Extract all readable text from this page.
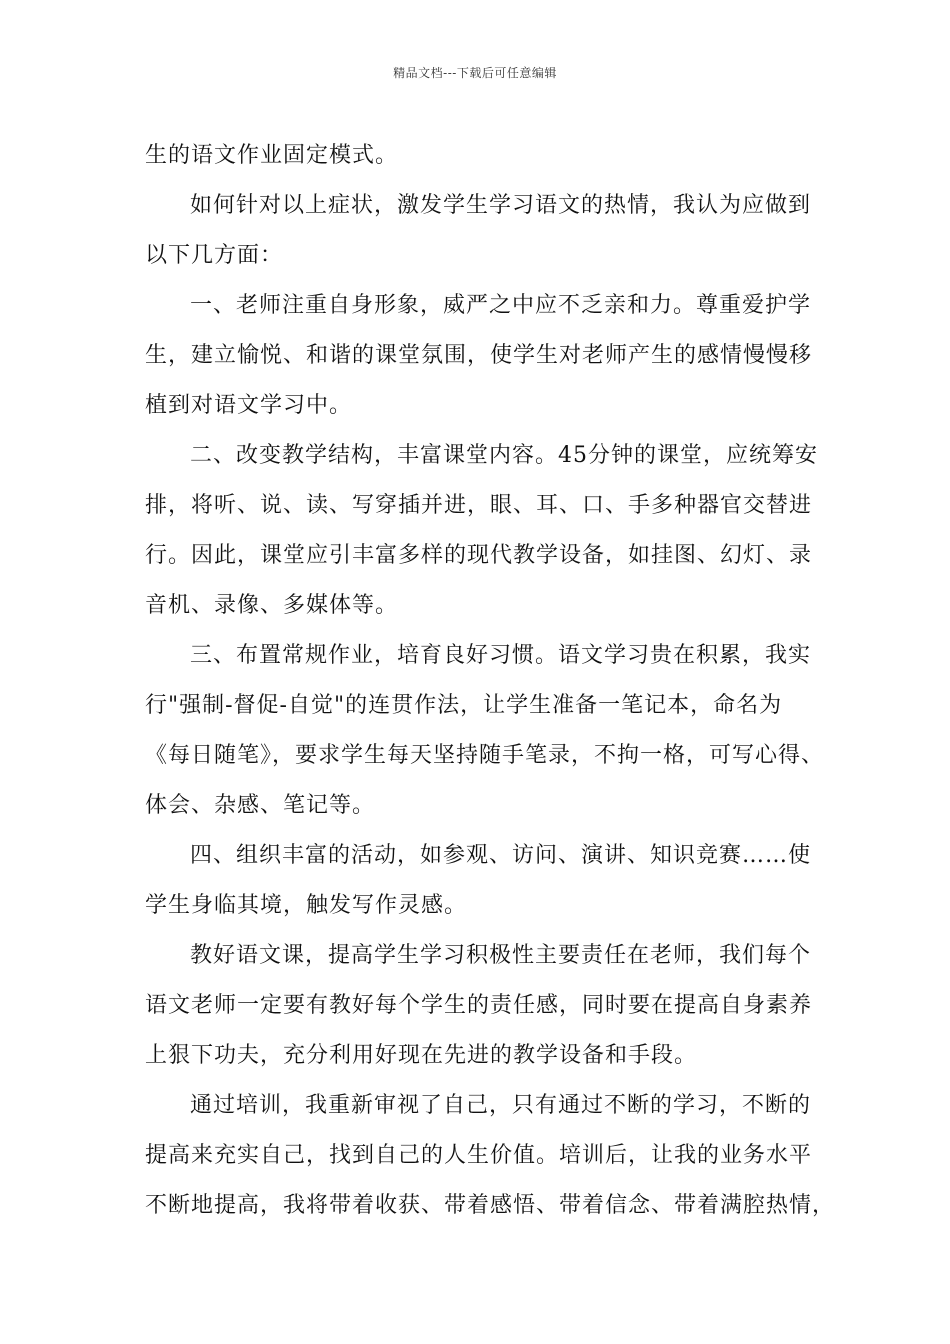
精品文档---下载后可任意编辑
生的语文作业固定模式。
如何针对以上症状，激发学生学习语文的热情，我认为应做到
以下几方面：
一、老师注重自身形象，威严之中应不乏亲和力。尊重爱护学
生，建立愉悦、和谐的课堂氛围，使学生对老师产生的感情慢慢移
植到对语文学习中。
二、改变教学结构，丰富课堂内容。45分钟的课堂，应统筹安
排，将听、说、读、写穿插并进，眼、耳、口、手多种器官交替进
行。因此，课堂应引丰富多样的现代教学设备，如挂图、幻灯、录
音机、录像、多媒体等。
三、布置常规作业，培育良好习惯。语文学习贵在积累，我实
行"强制-督促-自觉"的连贯作法，让学生准备一笔记本，命名为
《每日随笔》，要求学生每天坚持随手笔录，不拘一格，可写心得、
体会、杂感、笔记等。
四、组织丰富的活动，如参观、访问、演讲、知识竞赛……使
学生身临其境，触发写作灵感。
教好语文课，提高学生学习积极性主要责任在老师，我们每个
语文老师一定要有教好每个学生的责任感，同时要在提高自身素养
上狠下功夫，充分利用好现在先进的教学设备和手段。
通过培训，我重新审视了自己，只有通过不断的学习，不断的
提高来充实自己，找到自己的人生价值。培训后，让我的业务水平
不断地提高，我将带着收获、带着感悟、带着信念、带着满腔热情，
